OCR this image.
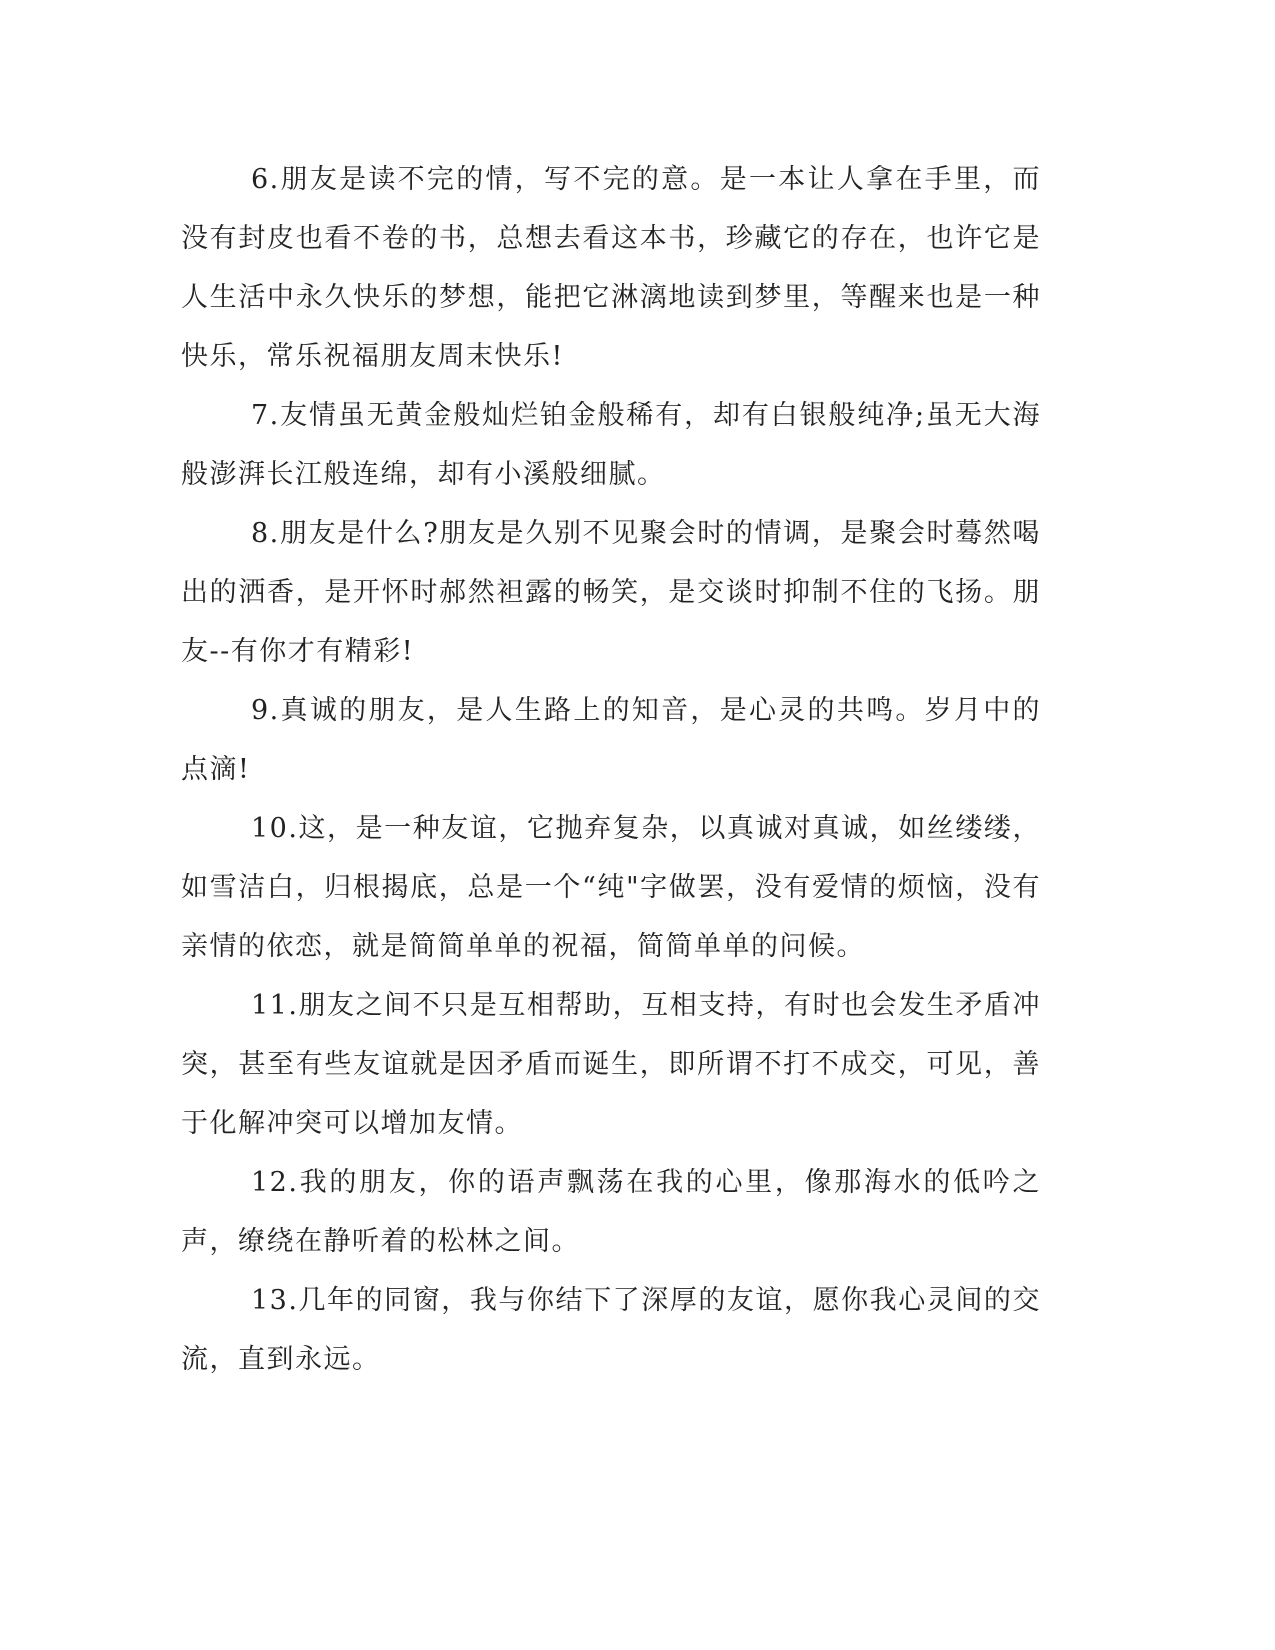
6.朋友是读不完的情，写不完的意。是一本让人拿在手里，而没有封皮也看不卷的书，总想去看这本书，珍藏它的存在，也许它是人生活中永久快乐的梦想，能把它淋漓地读到梦里，等醒来也是一种快乐，常乐祝福朋友周末快乐!

7.友情虽无黄金般灿烂铂金般稀有，却有白银般纯净;虽无大海般澎湃长江般连绵，却有小溪般细腻。

8.朋友是什么?朋友是久别不见聚会时的情调，是聚会时蓦然喝出的洒香，是开怀时郝然袒露的畅笑，是交谈时抑制不住的飞扬。朋友--有你才有精彩!

9.真诚的朋友，是人生路上的知音，是心灵的共鸣。岁月中的点滴!

10.这，是一种友谊，它抛弃复杂，以真诚对真诚，如丝缕缕，如雪洁白，归根揭底，总是一个“纯"字做罢，没有爱情的烦恼，没有亲情的依恋，就是简简单单的祝福，简简单单的问候。

11.朋友之间不只是互相帮助，互相支持，有时也会发生矛盾冲突，甚至有些友谊就是因矛盾而诞生，即所谓不打不成交，可见，善于化解冲突可以增加友情。

12.我的朋友，你的语声飘荡在我的心里，像那海水的低吟之声，缭绕在静听着的松林之间。

13.几年的同窗，我与你结下了深厚的友谊，愿你我心灵间的交流，直到永远。
